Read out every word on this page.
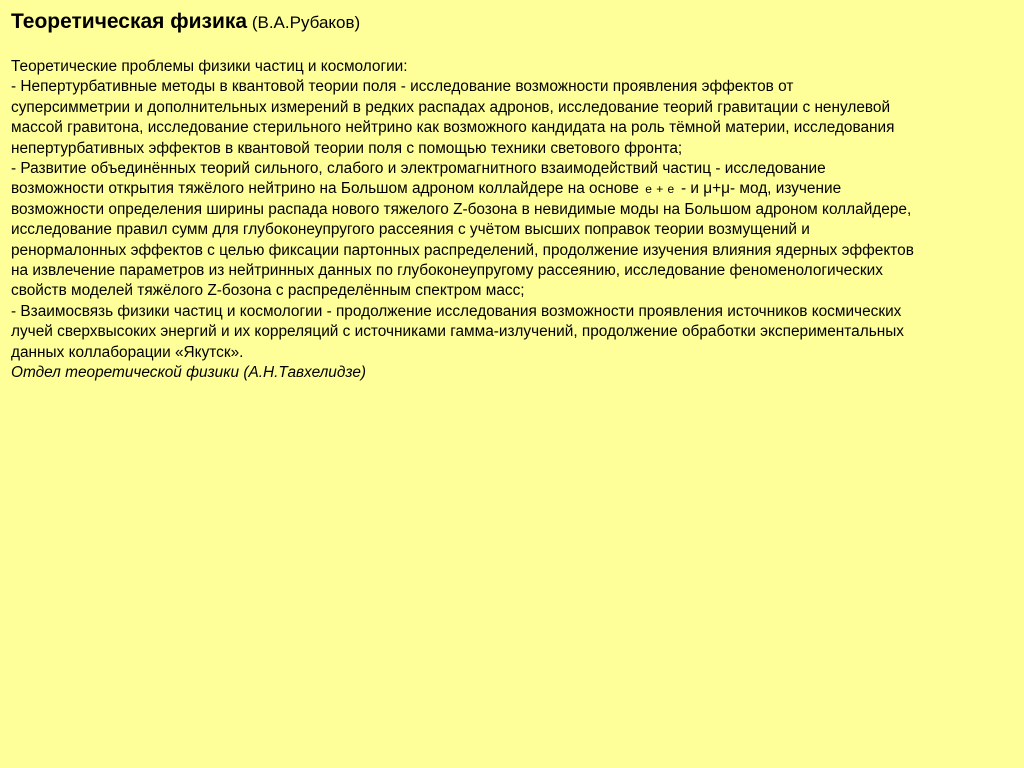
Теоретическая физика (В.А.Рубаков)
Теоретические проблемы физики частиц и космологии:
- Непертурбативные методы в квантовой теории поля - исследование возможности проявления эффектов от
суперсимметрии и дополнительных измерений в редких распадах адронов, исследование теорий гравитации с ненулевой
массой гравитона, исследование стерильного нейтрино как возможного кандидата на роль тёмной материи, исследования
непертурбативных эффектов в квантовой теории поля с помощью техники светового фронта;
- Развитие объединённых теорий сильного, слабого и электромагнитного взаимодействий частиц - исследование
возможности открытия тяжёлого нейтрино на Большом адроном коллайдере на основе e + e - и μ+μ- мод, изучение
возможности определения ширины распада нового тяжелого Z-бозона в невидимые моды на Большом адроном коллайдере,
исследование правил сумм для глубоконеупругого рассеяния с учётом высших поправок теории возмущений и
ренормалонных эффектов с целью фиксации партонных распределений, продолжение изучения влияния ядерных эффектов
на извлечение параметров из нейтринных данных по глубоконеупругому рассеянию, исследование феноменологических
свойств моделей тяжёлого Z-бозона с распределённым спектром масс;
- Взаимосвязь физики частиц и космологии - продолжение исследования возможности проявления источников космических
лучей сверхвысоких энергий и их корреляций с источниками гамма-излучений, продолжение обработки экспериментальных
данных коллаборации «Якутск».
Отдел теоретической физики (А.Н.Тавхелидзе)
